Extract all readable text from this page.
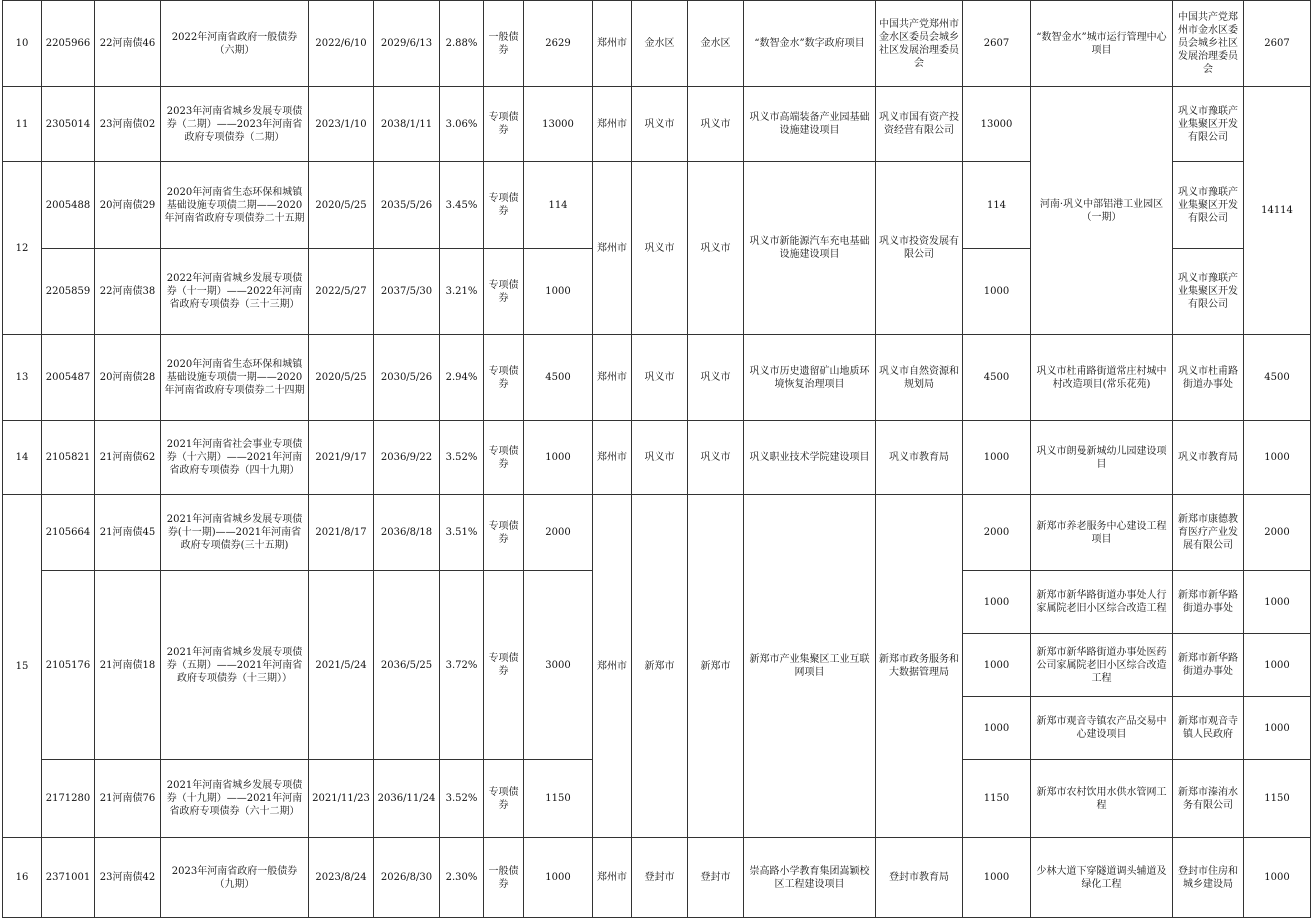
10	2205966	22河南债46	2022年河南省政府一般债券（六期）	2022/6/10	2029/6/13	2.88%	一般债券	2629	郑州市	金水区	金水区	“数智金水”数字政府项目	中国共产党郑州市金水区委员会城乡社区发展治理委员会	2607	“数智金水”城市运行管理中心项目	中国共产党郑州市金水区委员会城乡社区发展治理委员会	2607
11	2305014	23河南债02	2023年河南省城乡发展专项债券（二期）——2023年河南省政府专项债券（二期）	2023/1/10	2038/1/11	3.06%	专项债券	13000	郑州市	巩义市	巩义市	巩义市高端装备产业园基础设施建设项目	巩义市国有资产投资经营有限公司	13000	河南·巩义中部铝港工业园区（一期）	巩义市豫联产业集聚区开发有限公司	14114
12	2005488	20河南债29	2020年河南省生态环保和城镇基础设施专项债二期——2020年河南省政府专项债券二十五期	2020/5/25	2035/5/26	3.45%	专项债券	114	郑州市	巩义市	巩义市	巩义市新能源汽车充电基础设施建设项目	巩义市投资发展有限公司	114		巩义市豫联产业集聚区开发有限公司	
	2205859	22河南债38	2022年河南省城乡发展专项债券（十一期）——2022年河南省政府专项债券（三十三期）	2022/5/27	2037/5/30	3.21%	专项债券	1000						1000		巩义市豫联产业集聚区开发有限公司	
13	2005487	20河南债28	2020年河南省生态环保和城镇基础设施专项债一期——2020年河南省政府专项债券二十四期	2020/5/25	2030/5/26	2.94%	专项债券	4500	郑州市	巩义市	巩义市	巩义市历史遗留矿山地质环境恢复治理项目	巩义市自然资源和规划局	4500	巩义市杜甫路街道常庄村城中村改造项目(常乐花苑)	巩义市杜甫路街道办事处	4500
14	2105821	21河南债62	2021年河南省社会事业专项债券（十六期）——2021年河南省政府专项债券（四十九期）	2021/9/17	2036/9/22	3.52%	专项债券	1000	郑州市	巩义市	巩义市	巩义职业技术学院建设项目	巩义市教育局	1000	巩义市朗曼新城幼儿园建设项目	巩义市教育局	1000
15	2105664	21河南债45	2021年河南省城乡发展专项债券(十一期)——2021年河南省政府专项债券(三十五期)	2021/8/17	2036/8/18	3.51%	专项债券	2000	郑州市	新郑市	新郑市	新郑市产业集聚区工业互联网项目	新郑市政务服务和大数据管理局	2000	新郑市养老服务中心建设工程项目	新郑市康德教育医疗产业发展有限公司	2000
	2105176	21河南债18	2021年河南省城乡发展专项债券（五期）——2021年河南省政府专项债券（十三期））	2021/5/24	2036/5/25	3.72%	专项债券	3000						1000	新郑市新华路街道办事处人行家属院老旧小区综合改造工程	新郑市新华路街道办事处	1000
														1000	新郑市新华路街道办事处医药公司家属院老旧小区综合改造工程	新郑市新华路街道办事处	1000
														1000	新郑市观音寺镇农产品交易中心建设项目	新郑市观音寺镇人民政府	1000
	2171280	21河南债76	2021年河南省城乡发展专项债券（十九期）——2021年河南省政府专项债券（六十二期）	2021/11/23	2036/11/24	3.52%	专项债券	1150						1150	新郑市农村饮用水供水管网工程	新郑市溱洧水务有限公司	1150
16	2371001	23河南债42	2023年河南省政府一般债券（九期）	2023/8/24	2026/8/30	2.30%	一般债券	1000	郑州市	登封市	登封市	崇高路小学教育集团嵩颖校区工程建设项目	登封市教育局	1000	少林大道下穿隧道调头辅道及绿化工程	登封市住房和城乡建设局	1000
